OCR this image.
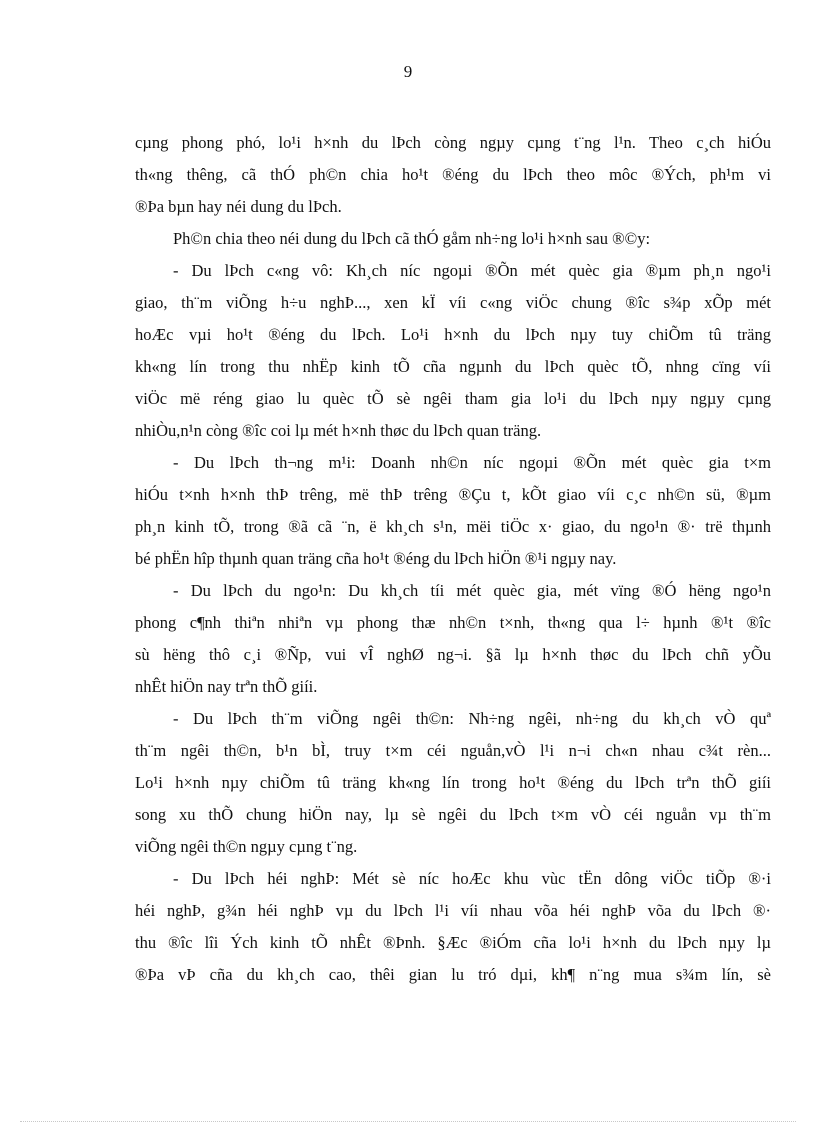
9
cµng phong phó, lo¹i h×nh du lÞch còng ngµy cµng t¨ng l¹n. Theo c¸ch hiÓu
th«ng thêng, cã thÓ ph©n chia ho¹t ®éng du lÞch theo môc ®Ých, ph¹m vi
®Þa bµn hay néi dung du lÞch.
Ph©n chia theo néi dung du lÞch cã thÓ gåm nh÷ng lo¹i h×nh sau ®©y:
- Du lÞch c«ng vô: Kh¸ch níc ngoµi ®Õn mét quèc gia ®µm ph¸n ngo¹i
giao, th¨m viÕng h÷u nghÞ..., xen kÏ víi c«ng viÖc chung ®îc s¾p xÕp mét
hoÆc vµi ho¹t ®éng du lÞch. Lo¹i h×nh du lÞch nµy tuy chiÕm tû träng
kh«ng lín trong thu nhËp kinh tÕ cña ngµnh du lÞch quèc tÕ, nhng cïng víi
viÖc më réng giao lu quèc tÕ sè ngêi tham gia lo¹i du lÞch nµy ngµy cµng
nhiÒu,n¹n còng ®îc coi lµ mét h×nh thøc du lÞch quan träng.
- Du lÞch th¬ng m¹i: Doanh nh©n níc ngoµi ®Õn mét quèc gia t×m
hiÓu t×nh h×nh thÞ trêng, më thÞ trêng ®Çu t, kÕt giao víi c¸c nh©n sü, ®µm
ph¸n kinh tÕ, trong ®ã cã ¨n, ë kh¸ch s¹n, mëi tiÖc x· giao, du ngo¹n ®· trë thµnh
bé phËn hîp thµnh quan träng cña ho¹t ®éng du lÞch hiÖn ®¹i ngµy nay.
- Du lÞch du ngo¹n: Du kh¸ch tíi mét quèc gia, mét vïng ®Ó hëng ngo¹n
phong c¶nh thiªn nhiªn vµ phong thæ nh©n t×nh, th«ng qua l÷ hµnh ®¹t ®îc
sù hëng thô c¸i ®Ñp, vui vÎ nghØ ng¬i. §ã lµ h×nh thøc du lÞch chñ yÕu
nhÊt hiÖn nay trªn thÕ giíi.
- Du lÞch th¨m viÕng ngêi th©n: Nh÷ng ngêi, nh÷ng du kh¸ch vÒ quª
th¨m ngêi th©n, b¹n bÌ, truy t×m céi nguån,vÒ l¹i n¬i ch«n nhau c¾t rèn...
Lo¹i h×nh nµy chiÕm tû träng kh«ng lín trong ho¹t ®éng du lÞch trªn thÕ giíi
song xu thÕ chung hiÖn nay, lµ sè ngêi du lÞch t×m vÒ céi nguån vµ th¨m
viÕng ngêi th©n ngµy cµng t¨ng.
- Du lÞch héi nghÞ: Mét sè níc hoÆc khu vùc tËn dông viÖc tiÕp ®·i
héi nghÞ, g¾n héi nghÞ vµ du lÞch l¹i víi nhau võa héi nghÞ võa du lÞch ®·
thu ®îc lîi Ých kinh tÕ nhÊt ®Þnh. §Æc ®iÓm cña lo¹i h×nh du lÞch nµy lµ
®Þa vÞ cña du kh¸ch cao, thêi gian lu tró dµi, kh¶ n¨ng mua s¾m lín, sè
